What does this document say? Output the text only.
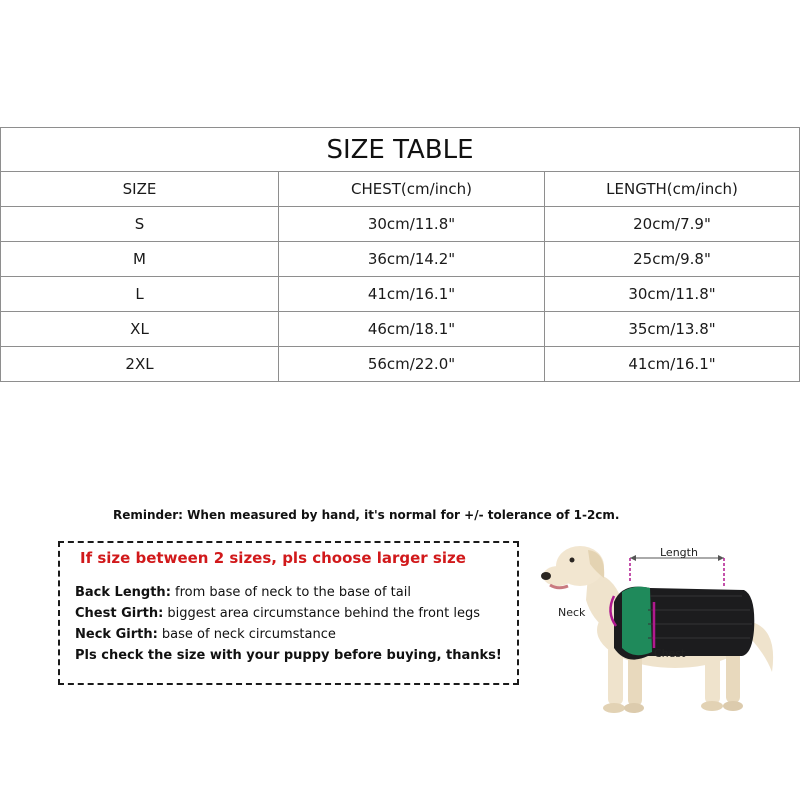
SIZE TABLE		
SIZE	CHEST(cm/inch)	LENGTH(cm/inch)
S	30cm/11.8"	20cm/7.9"
M	36cm/14.2"	25cm/9.8"
L	41cm/16.1"	30cm/11.8"
XL	46cm/18.1"	35cm/13.8"
2XL	56cm/22.0"	41cm/16.1"
Reminder: When measured by hand, it's normal for +/- tolerance of 1-2cm.
If size between 2 sizes, pls choose larger size
Back Length: from base of neck to the base of tail
Chest Girth: biggest area circumstance behind the front legs
Neck Girth: base of neck circumstance
Pls check the size with your puppy before buying, thanks!
Length
Neck
Chest
